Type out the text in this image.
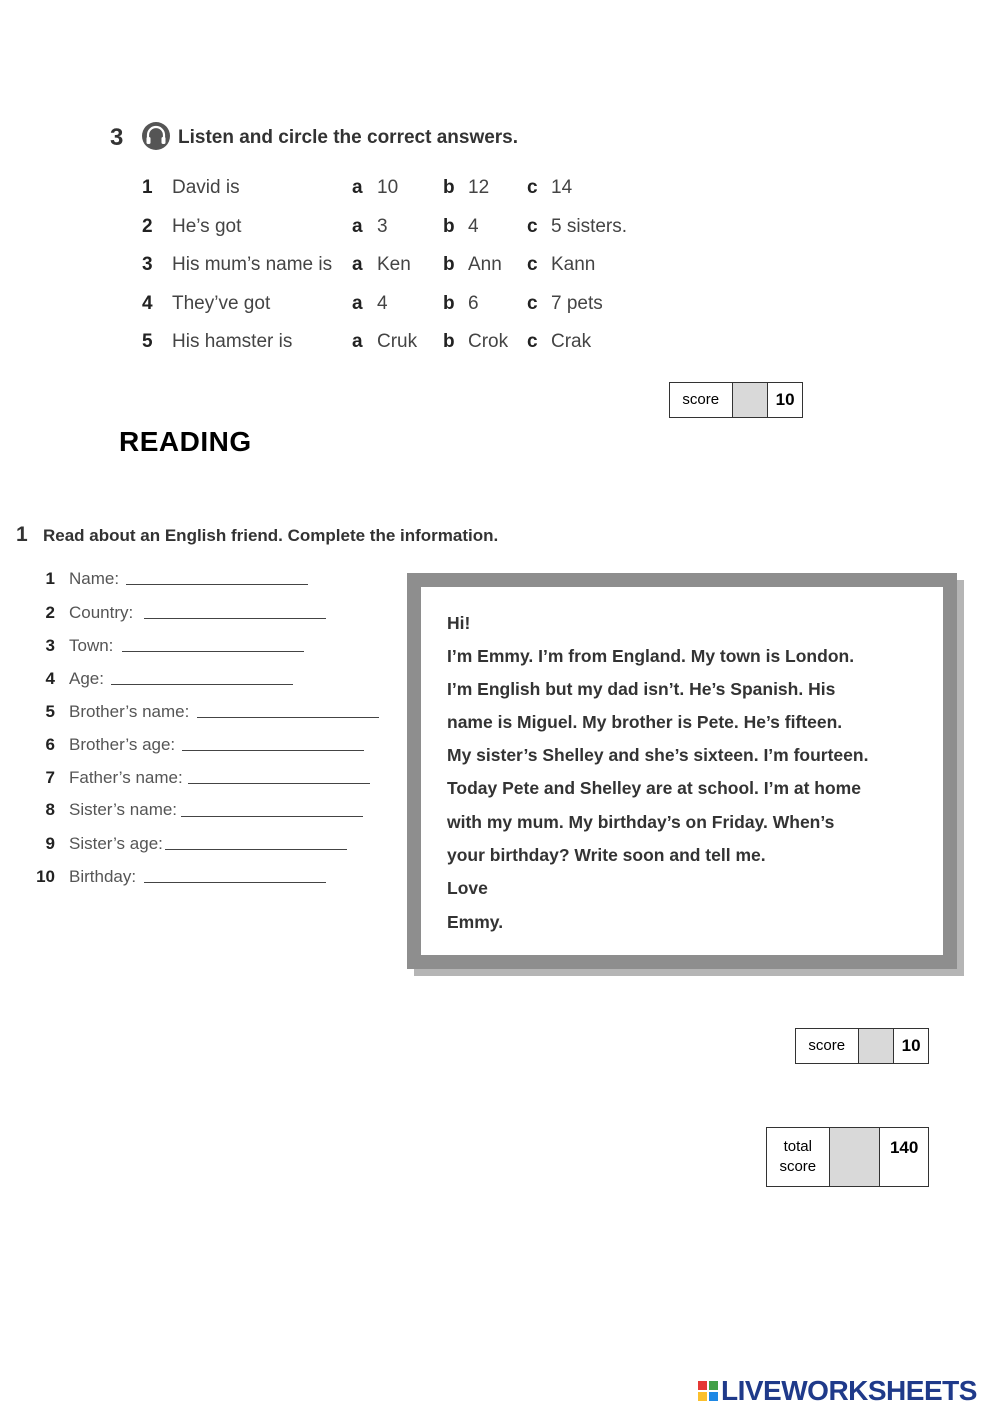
3	Listen and circle the correct answers.
1 David is	a 10 b 12 c 14
2 He’s got	a 3	b 4	c 5 sisters.
3 His mum’s name is a Ken b Ann c Kann
4 They’ve got	a 4	b 6	c 7 pets
5 His hamster is	a Cruk b Crok c Crak
score	10
READING
1 Read about an English friend. Complete the information.
1 Name:
2 Country:
3 Town:
4 Age:
5 Brother’s name:
6 Brother’s age:
7 Father’s name:
8 Sister’s name:
9 Sister’s age:
10 Birthday:
Hi!
I’m Emmy. I’m from England. My town is London.
I’m English but my dad isn’t. He’s Spanish. His
name is Miguel. My brother is Pete. He’s fifteen.
My sister’s Shelley and she’s sixteen. I’m fourteen.
Today Pete and Shelley are at school. I’m at home
with my mum. My birthday’s on Friday. When’s
your birthday? Write soon and tell me.
Love
Emmy.
score	10
total
score
140
LIVEWORKSHEETS
